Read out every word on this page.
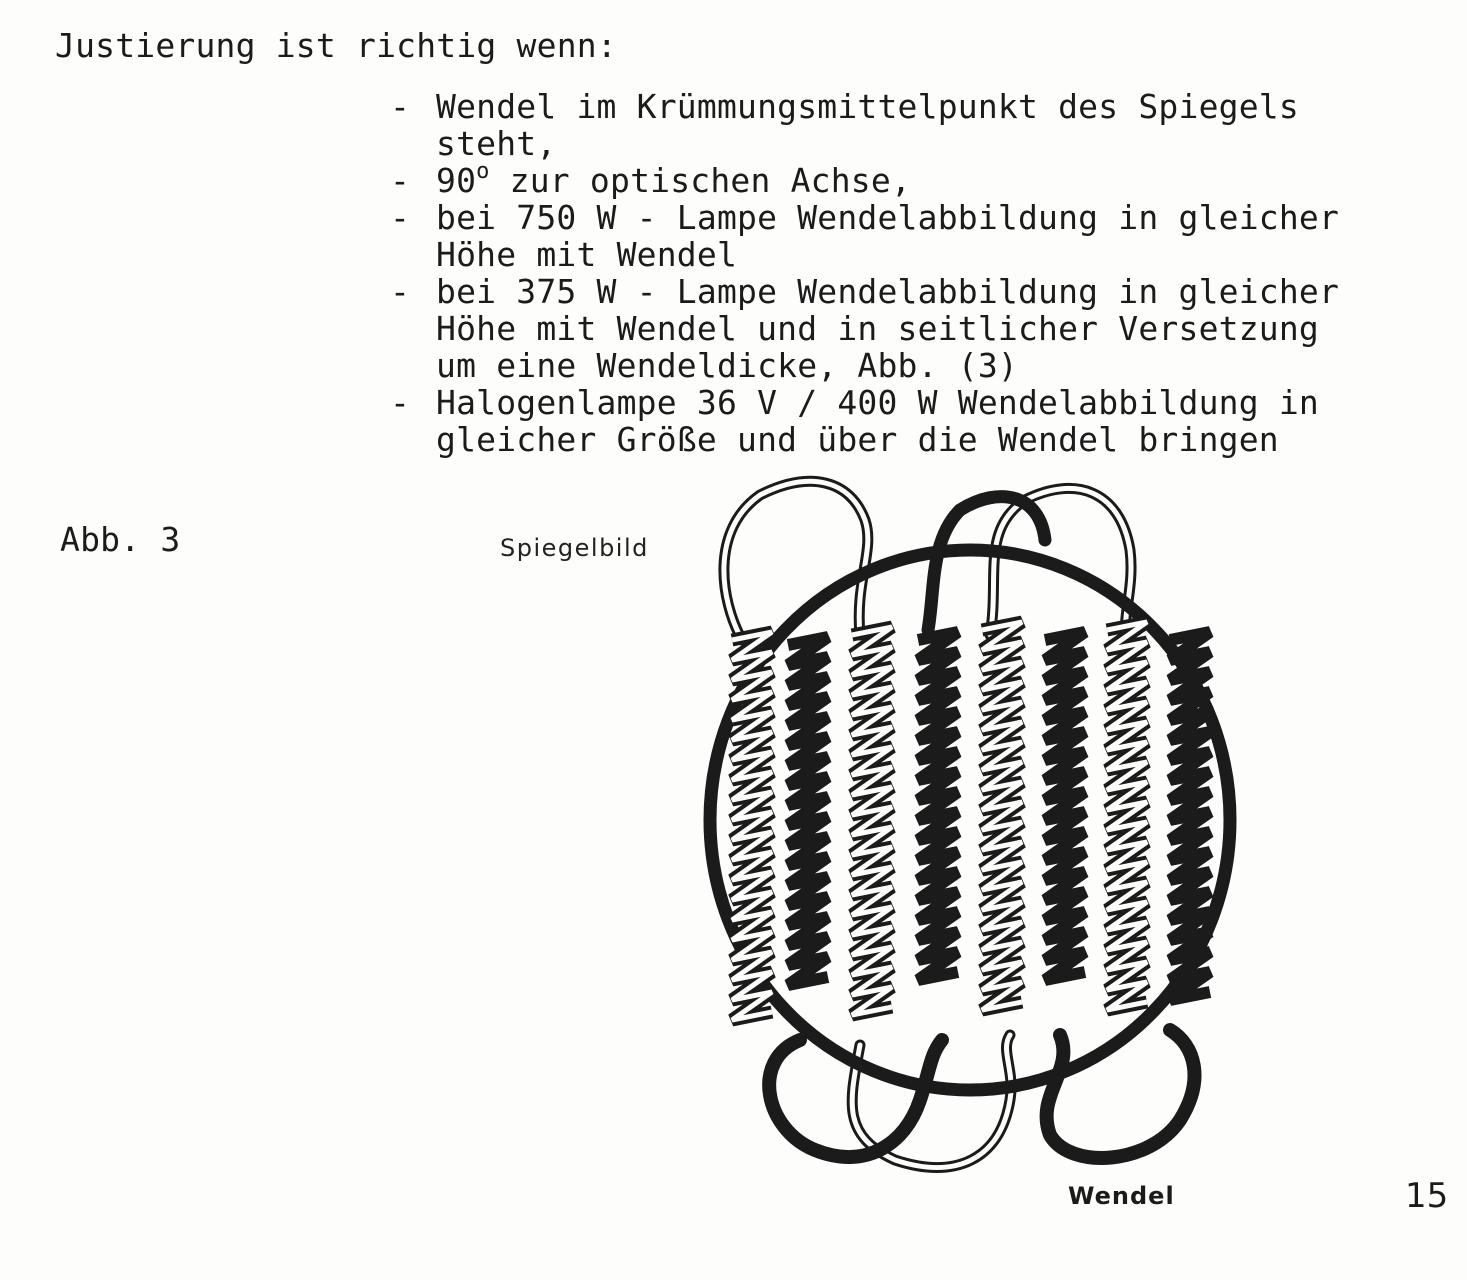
Justierung ist richtig wenn:
- Wendel im Krümmungsmittelpunkt des Spiegels
steht,
- 90$^o$ zur optischen Achse,
- bei 750 W - Lampe Wendelabbildung in gleicher
Höhe mit Wendel
- bei 375 W - Lampe Wendelabbildung in gleicher
Höhe mit Wendel und in seitlicher Versetzung
um eine Wendeldicke, Abb. (3)
- Halogenlampe 36 V / 400 W Wendelabbildung in
gleicher Größe und über die Wendel bringen
Abb. 3	Spiegelbild
Wendel	15
